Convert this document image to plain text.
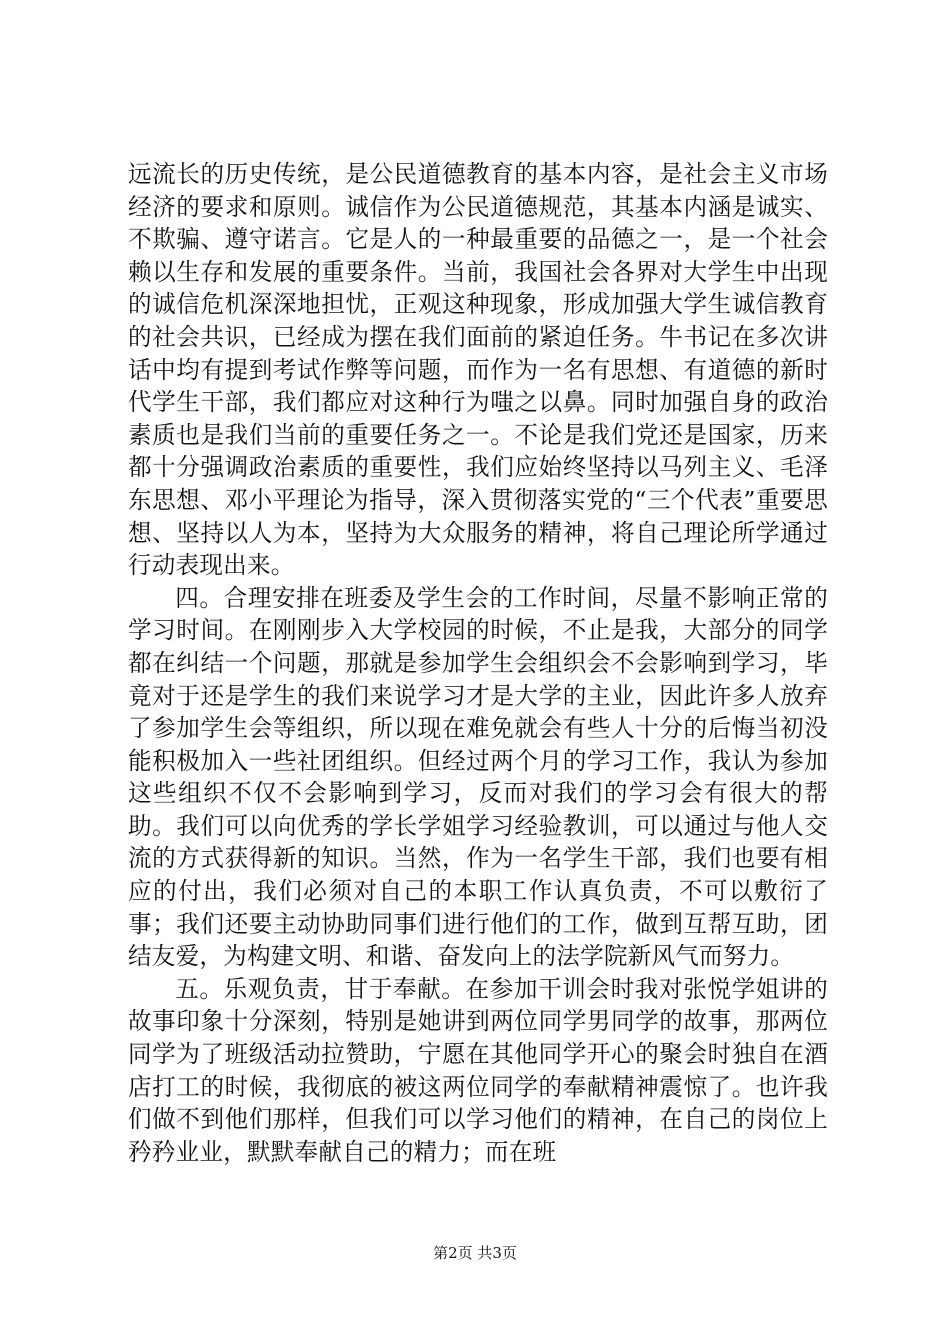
远流长的历史传统，是公民道德教育的基本内容，是社会主义市场经济的要求和原则。诚信作为公民道德规范，其基本内涵是诚实、不欺骗、遵守诺言。它是人的一种最重要的品德之一，是一个社会赖以生存和发展的重要条件。当前，我国社会各界对大学生中出现的诚信危机深深地担忧，正观这种现象，形成加强大学生诚信教育的社会共识，已经成为摆在我们面前的紧迫任务。牛书记在多次讲话中均有提到考试作弊等问题，而作为一名有思想、有道德的新时代学生干部，我们都应对这种行为嗤之以鼻。同时加强自身的政治素质也是我们当前的重要任务之一。不论是我们党还是国家，历来都十分强调政治素质的重要性，我们应始终坚持以马列主义、毛泽东思想、邓小平理论为指导，深入贯彻落实党的“三个代表”重要思想、坚持以人为本，坚持为大众服务的精神，将自己理论所学通过行动表现出来。

四。合理安排在班委及学生会的工作时间，尽量不影响正常的学习时间。在刚刚步入大学校园的时候，不止是我，大部分的同学都在纠结一个问题，那就是参加学生会组织会不会影响到学习，毕竟对于还是学生的我们来说学习才是大学的主业，因此许多人放弃了参加学生会等组织，所以现在难免就会有些人十分的后悔当初没能积极加入一些社团组织。但经过两个月的学习工作，我认为参加这些组织不仅不会影响到学习，反而对我们的学习会有很大的帮助。我们可以向优秀的学长学姐学习经验教训，可以通过与他人交流的方式获得新的知识。当然，作为一名学生干部，我们也要有相应的付出，我们必须对自己的本职工作认真负责，不可以敷衍了事；我们还要主动协助同事们进行他们的工作，做到互帮互助，团结友爱，为构建文明、和谐、奋发向上的法学院新风气而努力。

五。乐观负责，甘于奉献。在参加干训会时我对张悦学姐讲的故事印象十分深刻，特别是她讲到两位同学男同学的故事，那两位同学为了班级活动拉赞助，宁愿在其他同学开心的聚会时独自在酒店打工的时候，我彻底的被这两位同学的奉献精神震惊了。也许我们做不到他们那样，但我们可以学习他们的精神，在自己的岗位上矜矜业业，默默奉献自己的精力；而在班

第2页 共3页
